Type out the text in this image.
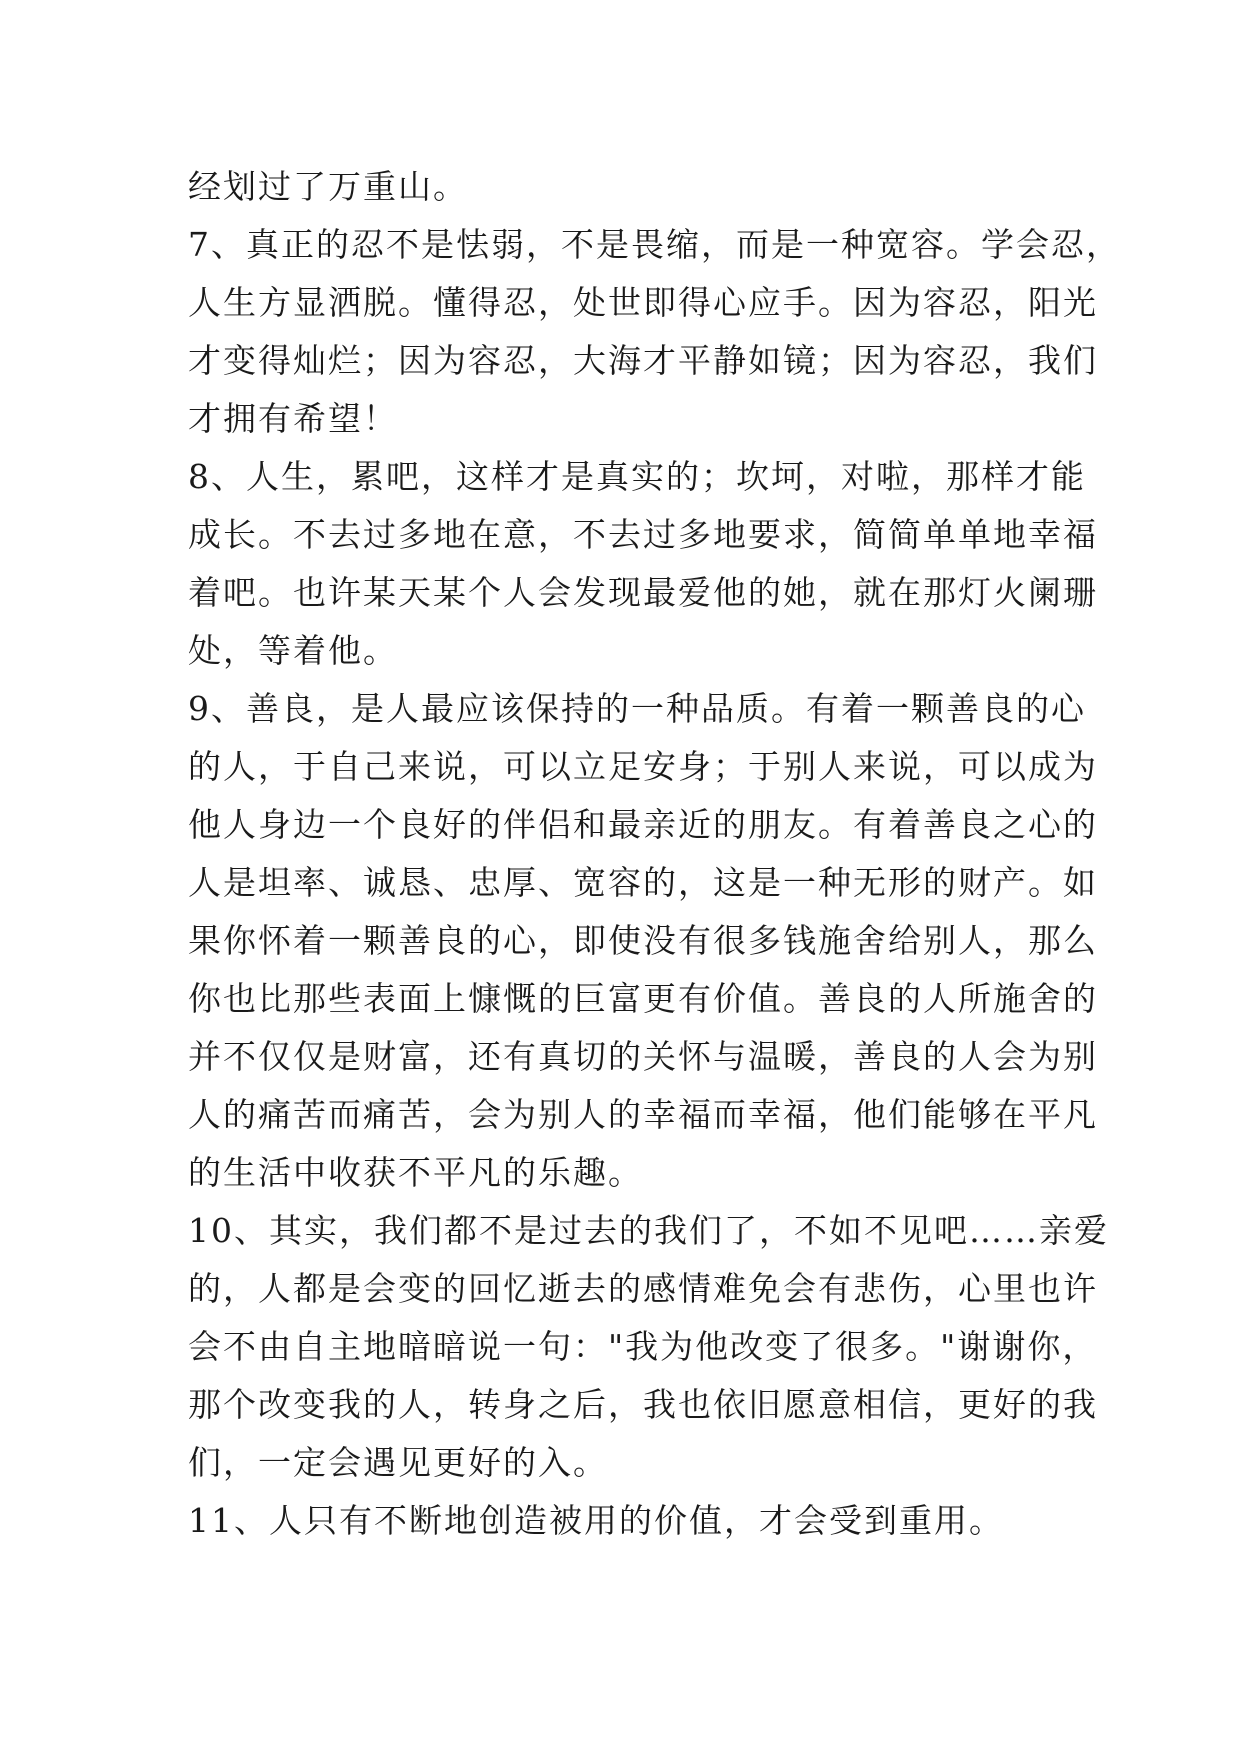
经划过了万重山。
7、真正的忍不是怯弱，不是畏缩，而是一种宽容。学会忍，
人生方显洒脱。懂得忍，处世即得心应手。因为容忍，阳光
才变得灿烂；因为容忍，大海才平静如镜；因为容忍，我们
才拥有希望！
8、人生，累吧，这样才是真实的；坎坷，对啦，那样才能
成长。不去过多地在意，不去过多地要求，简简单单地幸福
着吧。也许某天某个人会发现最爱他的她，就在那灯火阑珊
处，等着他。
9、善良，是人最应该保持的一种品质。有着一颗善良的心
的人，于自己来说，可以立足安身；于别人来说，可以成为
他人身边一个良好的伴侣和最亲近的朋友。有着善良之心的
人是坦率、诚恳、忠厚、宽容的，这是一种无形的财产。如
果你怀着一颗善良的心，即使没有很多钱施舍给别人，那么
你也比那些表面上慷慨的巨富更有价值。善良的人所施舍的
并不仅仅是财富，还有真切的关怀与温暖，善良的人会为别
人的痛苦而痛苦，会为别人的幸福而幸福，他们能够在平凡
的生活中收获不平凡的乐趣。
10、其实，我们都不是过去的我们了，不如不见吧……亲爱
的，人都是会变的回忆逝去的感情难免会有悲伤，心里也许
会不由自主地暗暗说一句："我为他改变了很多。"谢谢你，
那个改变我的人，转身之后，我也依旧愿意相信，更好的我
们，一定会遇见更好的入。
11、人只有不断地创造被用的价值，才会受到重用。
